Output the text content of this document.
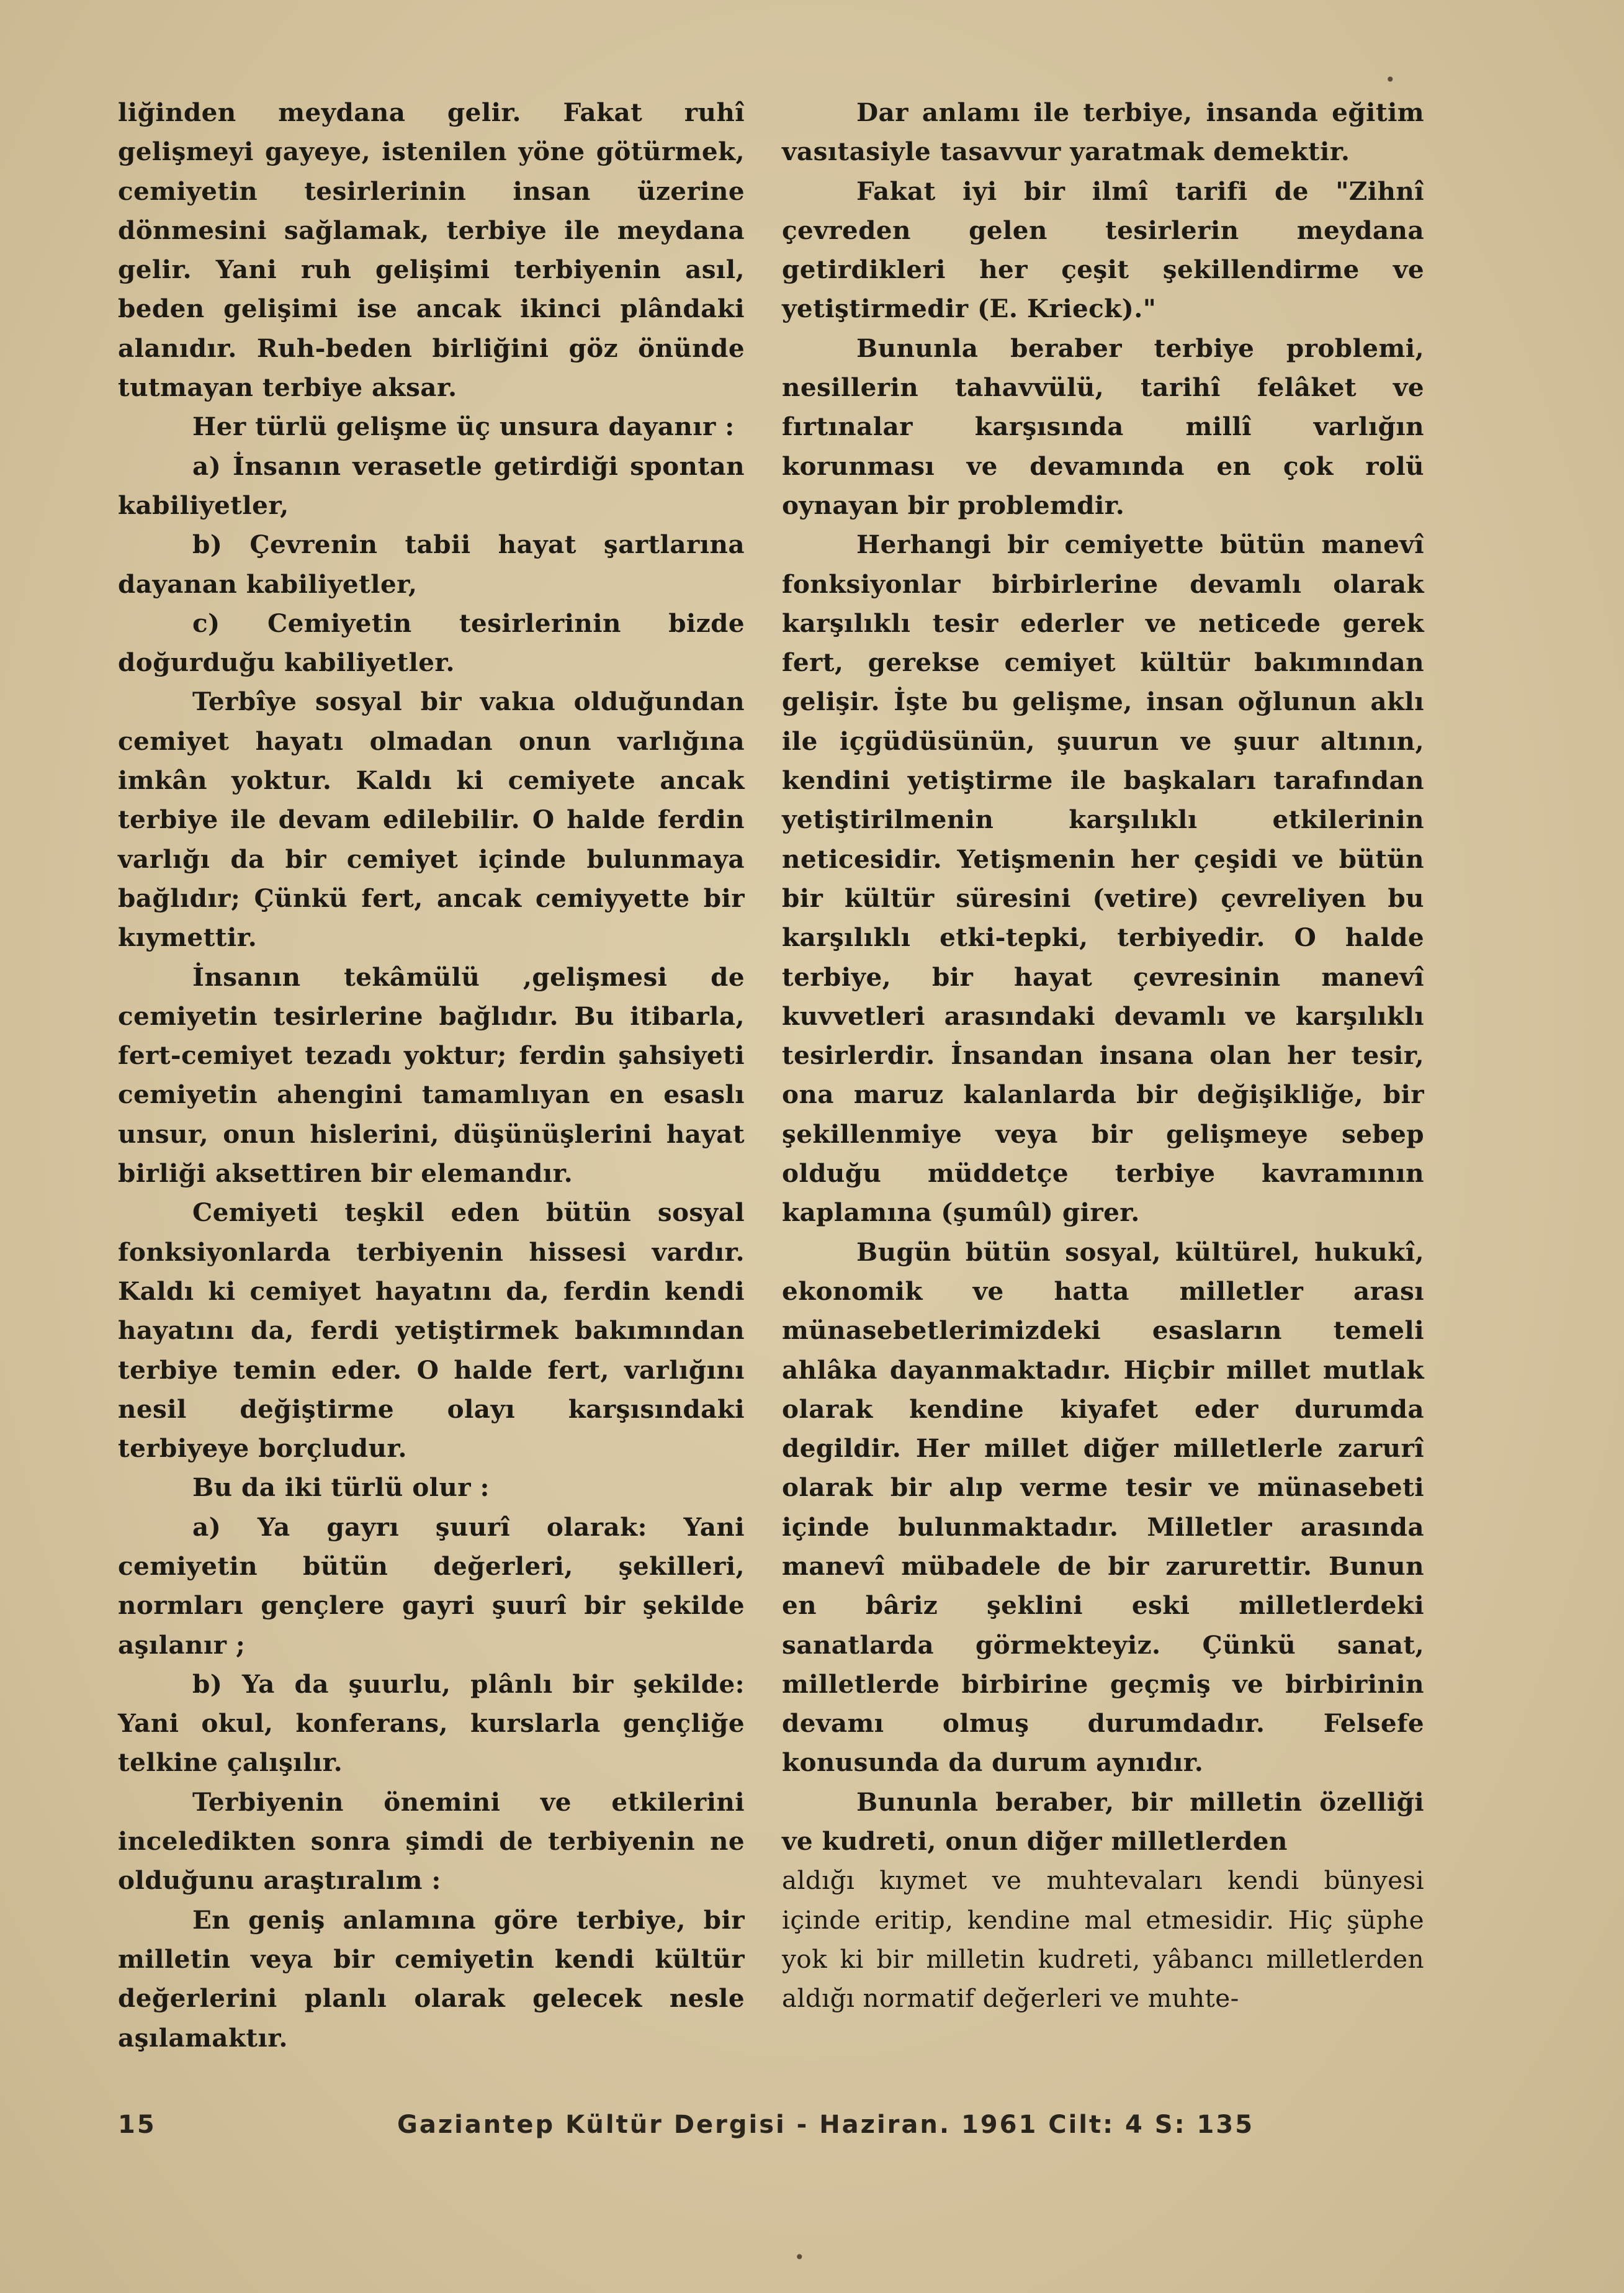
•
•

liğinden meydana gelir. Fakat ruhî gelişmeyi gayeye, istenilen yöne götürmek, cemiyetin tesirlerinin insan üzerine dönmesini sağlamak, terbiye ile meydana gelir. Yani ruh gelişimi terbiyenin asıl, beden gelişimi ise ancak ikinci plândaki alanıdır. Ruh-beden birliğini göz önünde tutmayan terbiye aksar.

Her türlü gelişme üç unsura dayanır :

a) İnsanın verasetle getirdiği spontan kabiliyetler,

b) Çevrenin tabii hayat şartlarına dayanan kabiliyetler,

c) Cemiyetin tesirlerinin bizde doğurduğu kabiliyetler.

Terbîye sosyal bir vakıa olduğundan cemiyet hayatı olmadan onun varlığına imkân yoktur. Kaldı ki cemiyete ancak terbiye ile devam edilebilir. O halde ferdin varlığı da bir cemiyet içinde bulunmaya bağlıdır; Çünkü fert, ancak cemiyyette bir kıymettir.

İnsanın tekâmülü ,gelişmesi de cemiyetin tesirlerine bağlıdır. Bu itibarla, fert-cemiyet tezadı yoktur; ferdin şahsiyeti cemiyetin ahengini tamamlıyan en esaslı unsur, onun hislerini, düşünüşlerini hayat birliği aksettiren bir elemandır.

Cemiyeti teşkil eden bütün sosyal fonksiyonlarda terbiyenin hissesi vardır. Kaldı ki cemiyet hayatını da, ferdin kendi hayatını da, ferdi yetiştirmek bakımından terbiye temin eder. O halde fert, varlığını nesil değiştirme olayı karşısındaki terbiyeye borçludur.

Bu da iki türlü olur :

a) Ya gayrı şuurî olarak: Yani cemiyetin bütün değerleri, şekilleri, normları gençlere gayri şuurî bir şekilde aşılanır ;

b) Ya da şuurlu, plânlı bir şekilde: Yani okul, konferans, kurslarla gençliğe telkine çalışılır.

Terbiyenin önemini ve etkilerini inceledikten sonra şimdi de terbiyenin ne olduğunu araştıralım :

En geniş anlamına göre terbiye, bir milletin veya bir cemiyetin kendi kültür değerlerini planlı olarak gelecek nesle aşılamaktır.

Dar anlamı ile terbiye, insanda eğitim vasıtasiyle tasavvur yaratmak demektir.

Fakat iyi bir ilmî tarifi de "Zihnî çevreden gelen tesirlerin meydana getirdikleri her çeşit şekillendirme ve yetiştirmedir (E. Krieck)."

Bununla beraber terbiye problemi, nesillerin tahavvülü, tarihî felâket ve fırtınalar karşısında millî varlığın korunması ve devamında en çok rolü oynayan bir problemdir.

Herhangi bir cemiyette bütün manevî fonksiyonlar birbirlerine devamlı olarak karşılıklı tesir ederler ve neticede gerek fert, gerekse cemiyet kültür bakımından gelişir. İşte bu gelişme, insan oğlunun aklı ile içgüdüsünün, şuurun ve şuur altının, kendini yetiştirme ile başkaları tarafından yetiştirilmenin karşılıklı etkilerinin neticesidir. Yetişmenin her çeşidi ve bütün bir kültür süresini (vetire) çevreliyen bu karşılıklı etki-tepki, terbiyedir. O halde terbiye, bir hayat çevresinin manevî kuvvetleri arasındaki devamlı ve karşılıklı tesirlerdir. İnsandan insana olan her tesir, ona maruz kalanlarda bir değişikliğe, bir şekillenmiye veya bir gelişmeye sebep olduğu müddetçe terbiye kavramının kaplamına (şumûl) girer.

Bugün bütün sosyal, kültürel, hukukî, ekonomik ve hatta milletler arası münasebetlerimizdeki esasların temeli ahlâka dayanmaktadır. Hiçbir millet mutlak olarak kendine kiyafet eder durumda degildir. Her millet diğer milletlerle zarurî olarak bir alıp verme tesir ve münasebeti içinde bulunmaktadır. Milletler arasında manevî mübadele de bir zarurettir. Bunun en bâriz şeklini eski milletlerdeki sanatlarda görmekteyiz. Çünkü sanat, milletlerde birbirine geçmiş ve birbirinin devamı olmuş durumdadır. Felsefe konusunda da durum aynıdır.

Bununla beraber, bir milletin özelliği ve kudreti, onun diğer milletlerden

aldığı kıymet ve muhtevaları kendi bünyesi içinde eritip, kendine mal etmesidir. Hiç şüphe yok ki bir milletin kudreti, yâbancı milletlerden aldığı normatif değerleri ve muhte-

15	Gaziantep Kültür Dergisi - Haziran. 1961 Cilt: 4 S: 135
